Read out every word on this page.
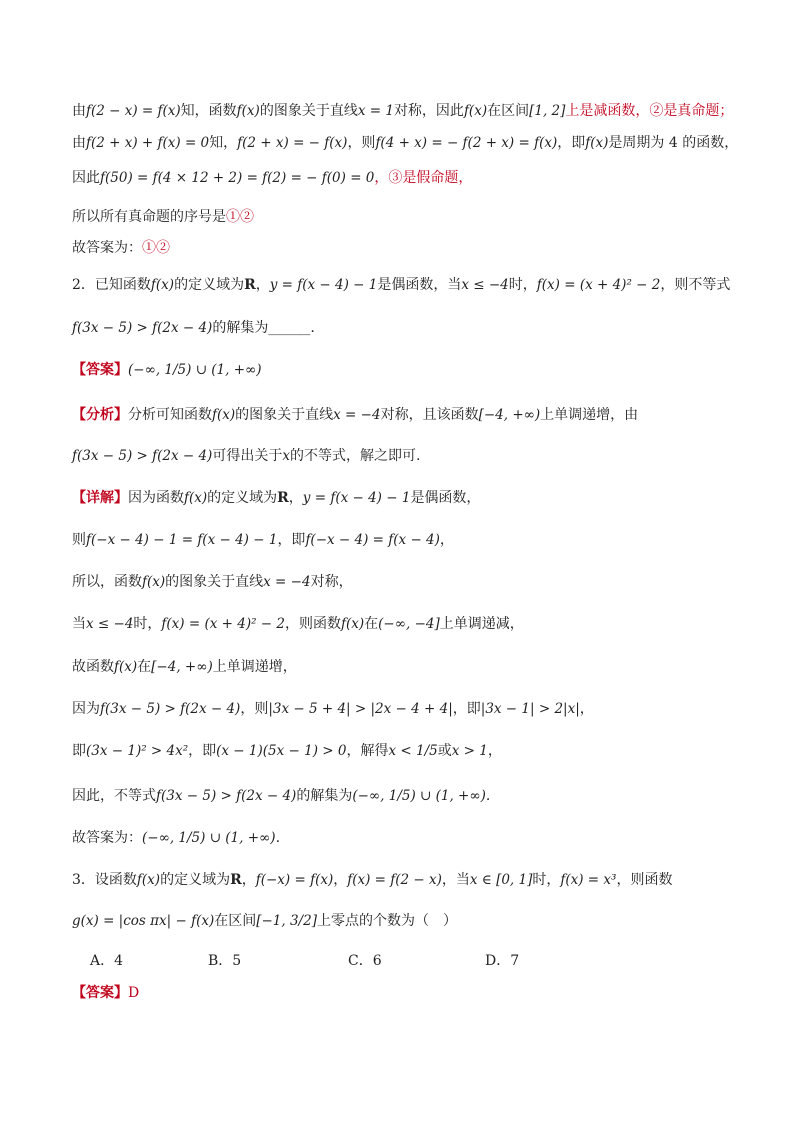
由f(2 − x) = f(x)知，函数f(x)的图象关于直线x = 1对称，因此f(x)在区间[1, 2]上是减函数，②是真命题；
由f(2 + x) + f(x) = 0知，f(2 + x) = − f(x)，则f(4 + x) = − f(2 + x) = f(x)，即f(x)是周期为 4 的函数，
因此f(50) = f(4 × 12 + 2) = f(2) = − f(0) = 0，③是假命题，
所以所有真命题的序号是①②
故答案为：①②
2．已知函数f(x)的定义域为R，y = f(x − 4) − 1是偶函数，当x ≤ −4时，f(x) = (x + 4)² − 2，则不等式
f(3x − 5) > f(2x − 4)的解集为______.
【答案】(−∞, 1/5) ∪ (1, +∞)
【分析】分析可知函数f(x)的图象关于直线x = −4对称，且该函数[−4, +∞)上单调递增，由
f(3x − 5) > f(2x − 4)可得出关于x的不等式，解之即可.
【详解】因为函数f(x)的定义域为R，y = f(x − 4) − 1是偶函数，
则f(−x − 4) − 1 = f(x − 4) − 1，即f(−x − 4) = f(x − 4)，
所以，函数f(x)的图象关于直线x = −4对称，
当x ≤ −4时，f(x) = (x + 4)² − 2，则函数f(x)在(−∞, −4]上单调递减，
故函数f(x)在[−4, +∞)上单调递增，
因为f(3x − 5) > f(2x − 4)，则|3x − 5 + 4| > |2x − 4 + 4|，即|3x − 1| > 2|x|，
即(3x − 1)² > 4x²，即(x − 1)(5x − 1) > 0，解得x < 1/5或x > 1，
因此，不等式f(3x − 5) > f(2x − 4)的解集为(−∞, 1/5) ∪ (1, +∞).
故答案为：(−∞, 1/5) ∪ (1, +∞).
3．设函数f(x)的定义域为R，f(−x) = f(x)，f(x) = f(2 − x)，当x ∈ [0, 1]时，f(x) = x³，则函数
g(x) = |cos πx| − f(x)在区间[−1, 3/2]上零点的个数为（　）
A．4	B．5	C．6	D．7
【答案】D
